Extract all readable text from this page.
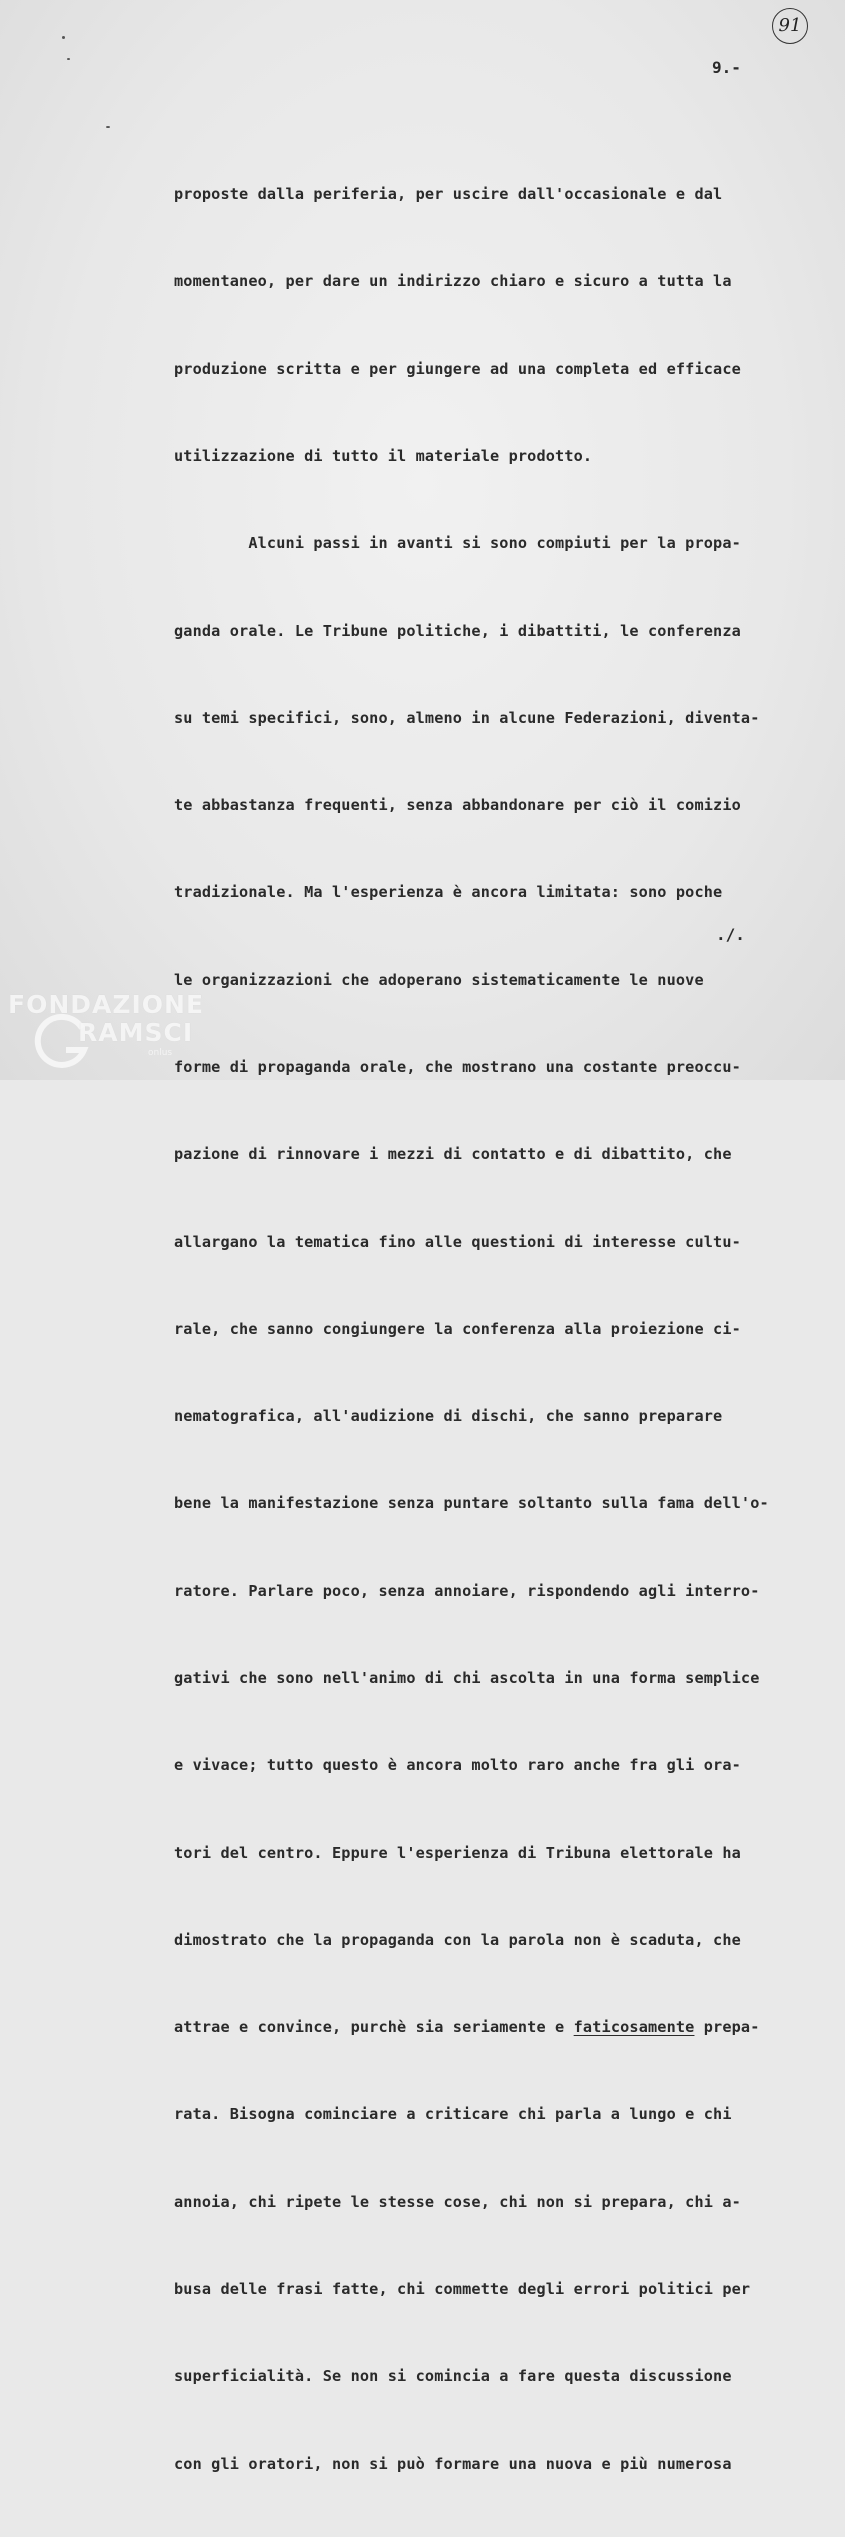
91
9.-

proposte dalla periferia, per uscire dall'occasionale e dal

momentaneo, per dare un indirizzo chiaro e sicuro a tutta la

produzione scritta e per giungere ad una completa ed efficace

utilizzazione di tutto il materiale prodotto.

Alcuni passi in avanti si sono compiuti per la propa-

ganda orale. Le Tribune politiche, i dibattiti, le conferenza

su temi specifici, sono, almeno in alcune Federazioni, diventa-

te abbastanza frequenti, senza abbandonare per ciò il comizio

tradizionale. Ma l'esperienza è ancora limitata: sono poche

le organizzazioni che adoperano sistematicamente le nuove

forme di propaganda orale, che mostrano una costante preoccu-

pazione di rinnovare i mezzi di contatto e di dibattito, che

allargano la tematica fino alle questioni di interesse cultu-

rale, che sanno congiungere la conferenza alla proiezione ci-

nematografica, all'audizione di dischi, che sanno preparare

bene la manifestazione senza puntare soltanto sulla fama dell'o-

ratore. Parlare poco, senza annoiare, rispondendo agli interro-

gativi che sono nell'animo di chi ascolta in una forma semplice

e vivace; tutto questo è ancora molto raro anche fra gli ora-

tori del centro. Eppure l'esperienza di Tribuna elettorale ha

dimostrato che la propaganda con la parola non è scaduta, che

attrae e convince, purchè sia seriamente e faticosamente prepa-

rata. Bisogna cominciare a criticare chi parla a lungo e chi

annoia, chi ripete le stesse cose, chi non si prepara, chi a-

busa delle frasi fatte, chi commette degli errori politici per

superficialità. Se non si comincia a fare questa discussione

con gli oratori, non si può formare una nuova e più numerosa

./.
FONDAZIONE
RAMSCI
onlus
